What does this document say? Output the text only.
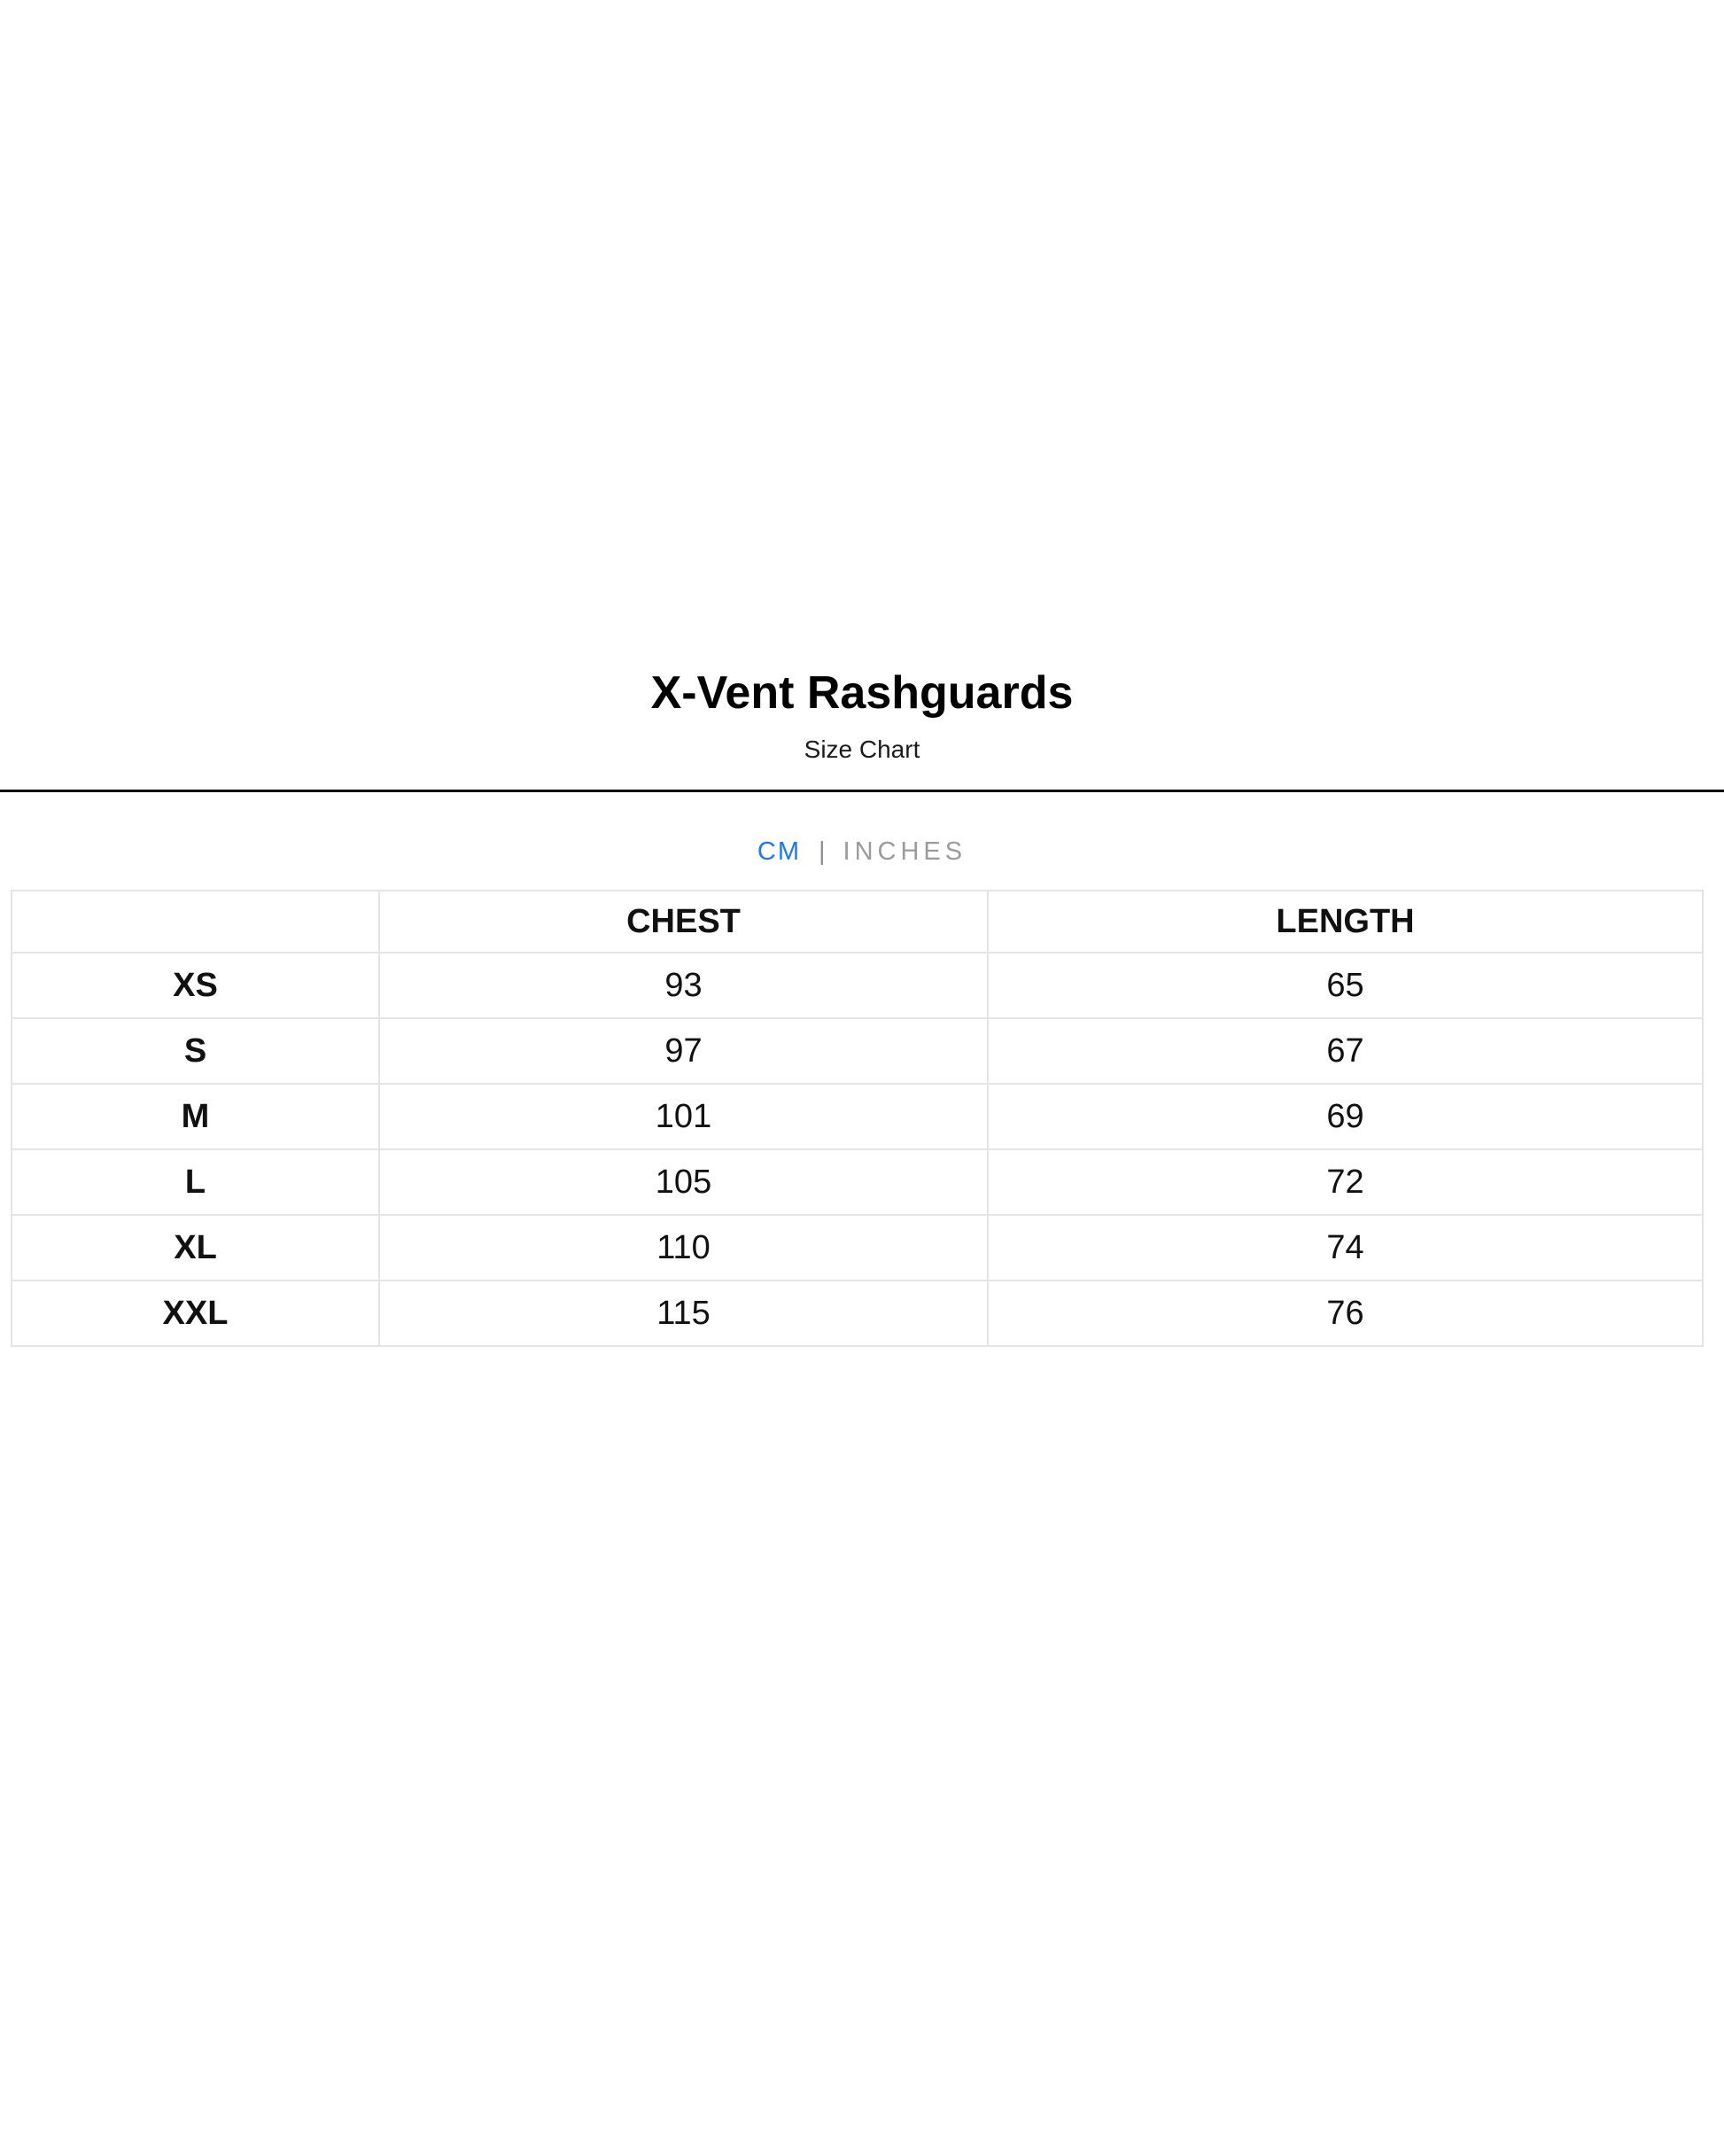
X-Vent Rashguards

Size Chart

CM | INCHES
	CHEST	LENGTH
XS	93	65
S	97	67
M	101	69
L	105	72
XL	110	74
XXL	115	76
